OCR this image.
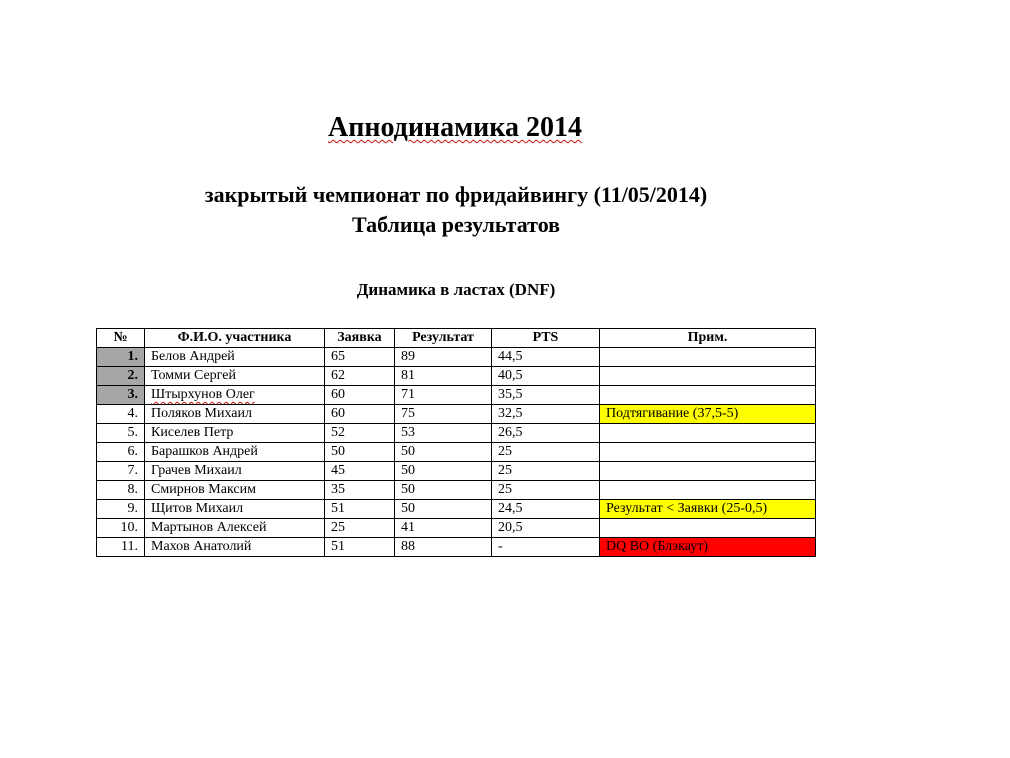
Апнодинамика 2014
закрытый чемпионат по фридайвингу (11/05/2014)
Таблица результатов
Динамика в ластах (DNF)
№	Ф.И.О. участника	Заявка	Результат	PTS	Прим.
1.	Белов Андрей	65	89	44,5	
2.	Томми Сергей	62	81	40,5	
3.	Штырхунов Олег	60	71	35,5	
4.	Поляков Михаил	60	75	32,5	Подтягивание (37,5-5)
5.	Киселев Петр	52	53	26,5	
6.	Барашков Андрей	50	50	25	
7.	Грачев Михаил	45	50	25	
8.	Смирнов Максим	35	50	25	
9.	Щитов Михаил	51	50	24,5	Результат < Заявки (25-0,5)
10.	Мартынов Алексей	25	41	20,5	
11.	Махов Анатолий	51	88	-	DQ BO (Блэкаут)
